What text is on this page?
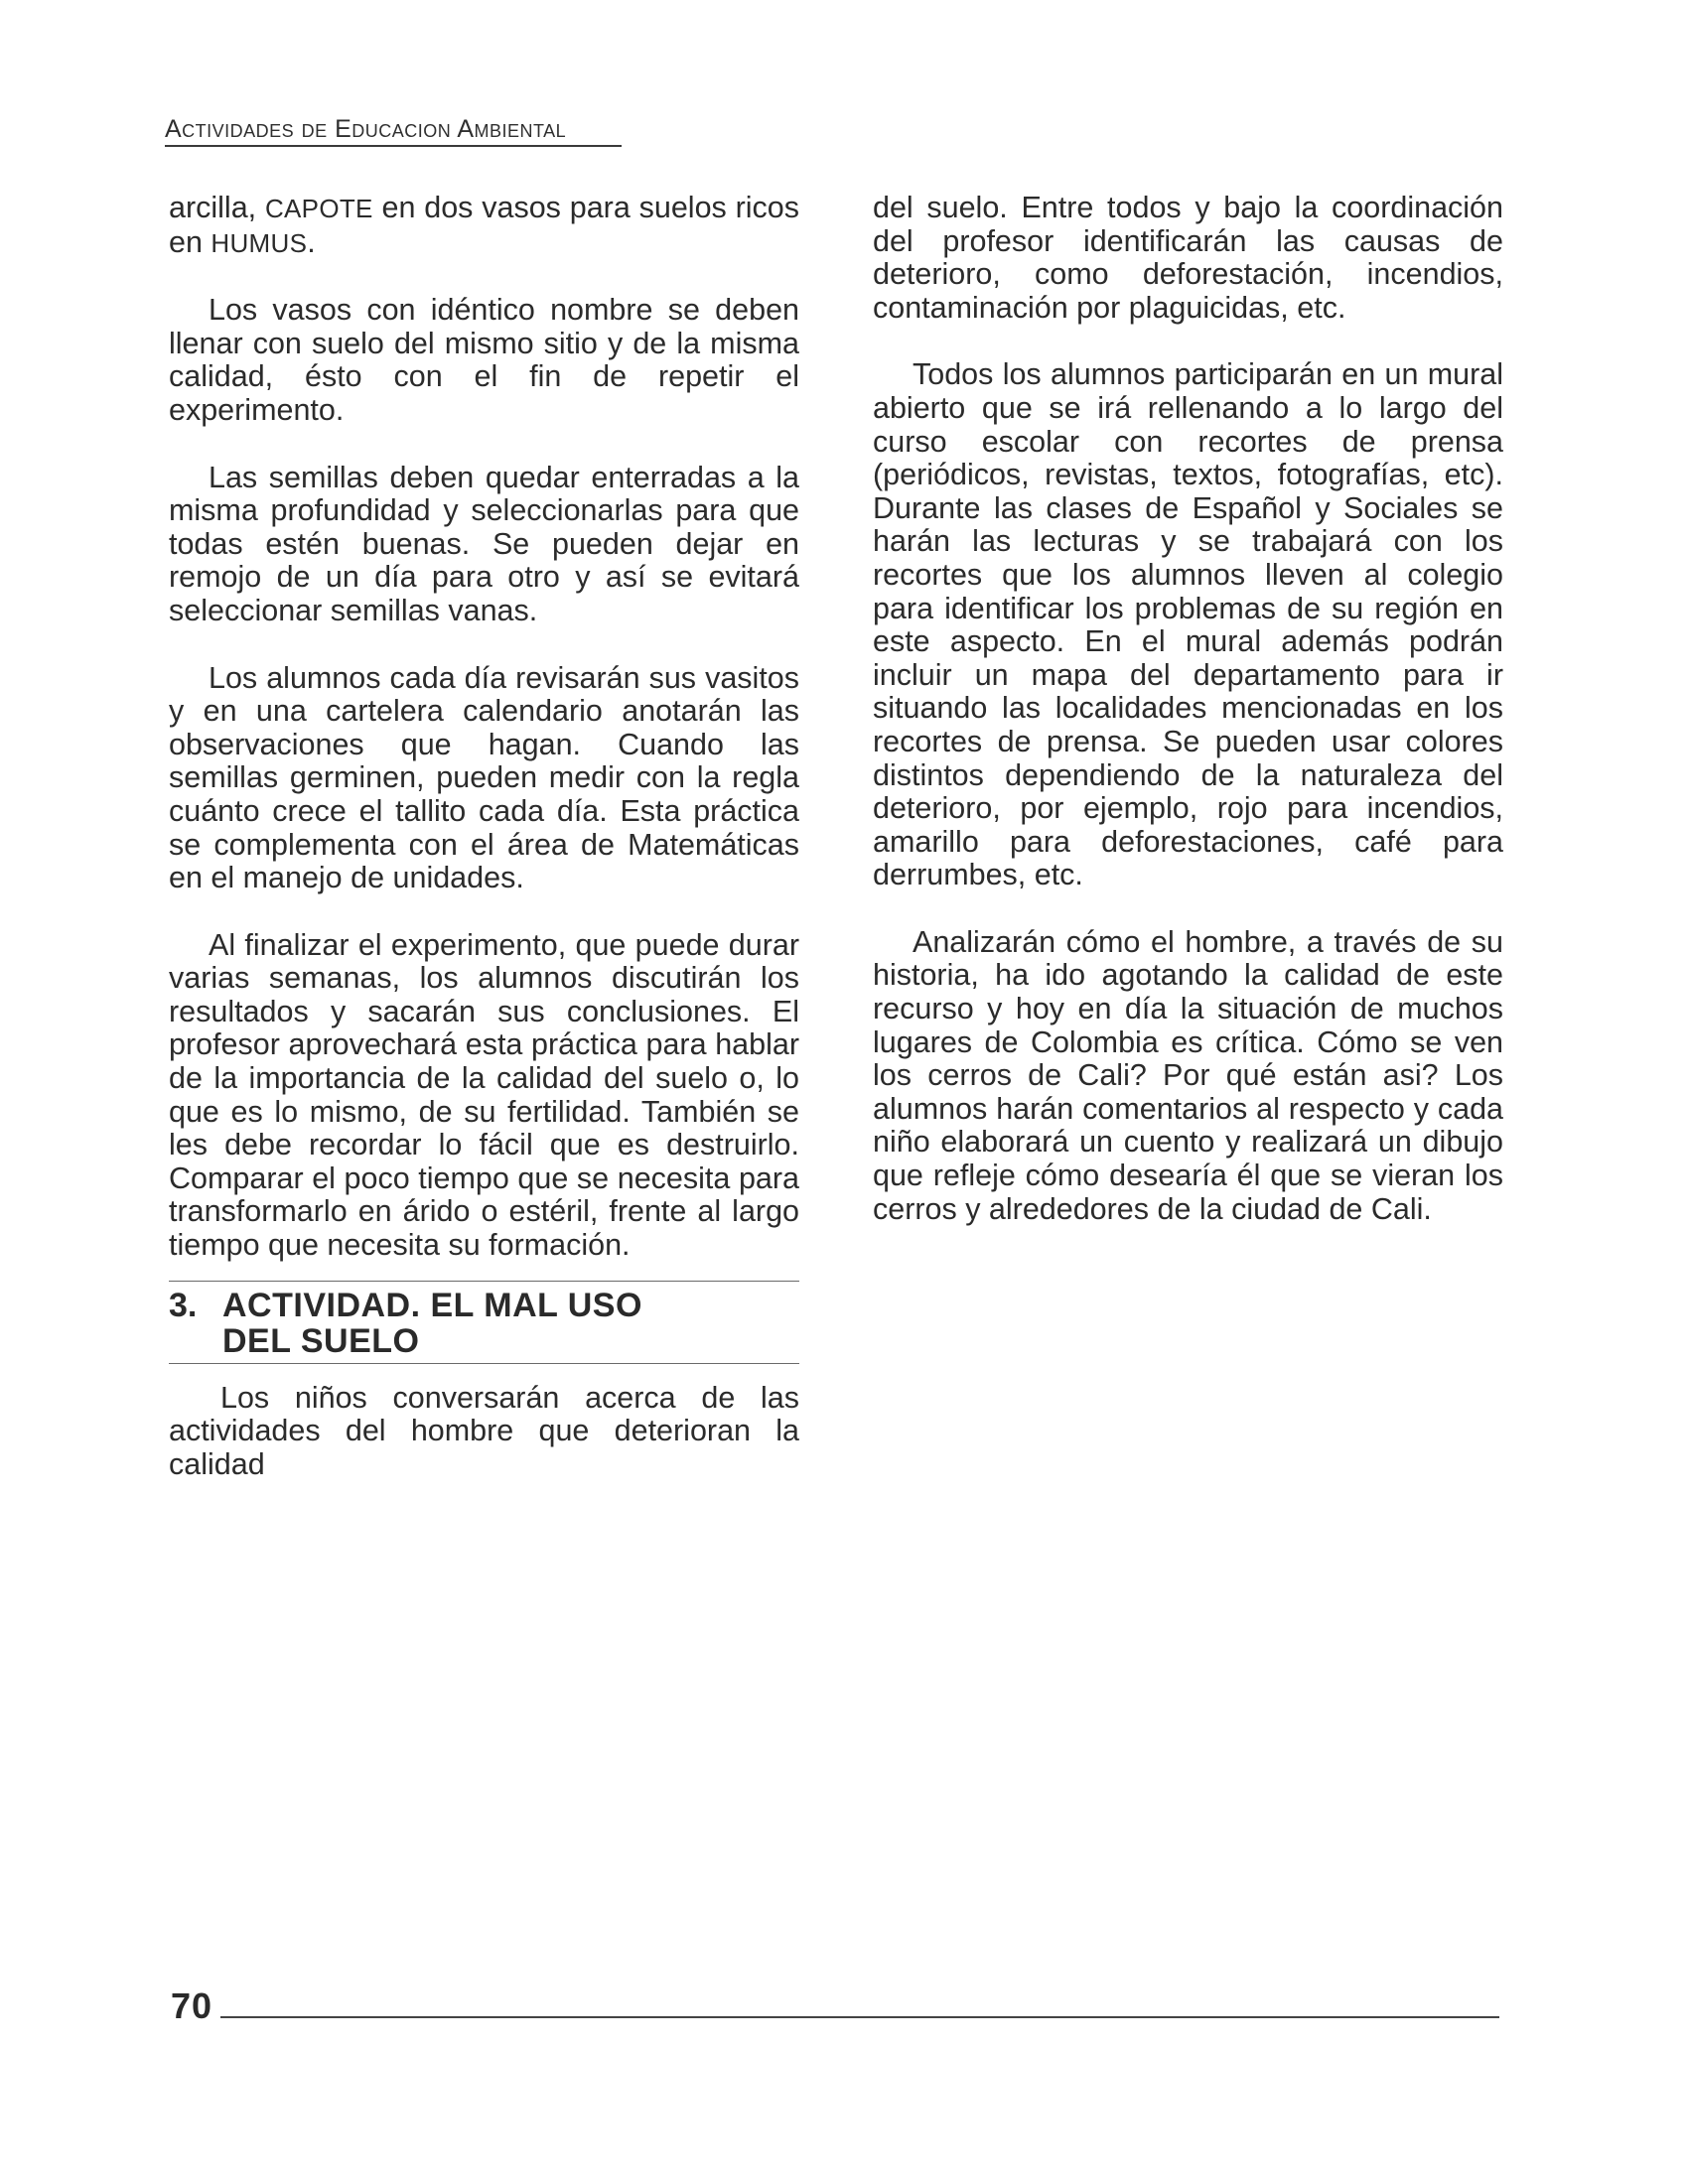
Actividades de Educacion Ambiental

arcilla, CAPOTE en dos vasos para suelos ricos en HUMUS.

Los vasos con idéntico nombre se deben llenar con suelo del mismo sitio y de la misma calidad, ésto con el fin de repetir el experimento.

Las semillas deben quedar enterradas a la misma profundidad y seleccionarlas para que todas estén buenas. Se pueden dejar en remojo de un día para otro y así se evitará seleccionar semillas vanas.

Los alumnos cada día revisarán sus vasitos y en una cartelera calendario anotarán las observaciones que hagan. Cuando las semillas germinen, pueden medir con la regla cuánto crece el tallito cada día. Esta práctica se complementa con el área de Matemáticas en el manejo de unidades.

Al finalizar el experimento, que puede durar varias semanas, los alumnos discutirán los resultados y sacarán sus conclusiones. El profesor aprovechará esta práctica para hablar de la importancia de la calidad del suelo o, lo que es lo mismo, de su fertilidad. También se les debe recordar lo fácil que es destruirlo. Comparar el poco tiempo que se necesita para transformarlo en árido o estéril, frente al largo tiempo que necesita su formación.

3. ACTIVIDAD. EL MAL USO
DEL SUELO

Los niños conversarán acerca de las actividades del hombre que deterioran la calidad

del suelo. Entre todos y bajo la coordinación del profesor identificarán las causas de deterioro, como deforestación, incendios, contaminación por plaguicidas, etc.

Todos los alumnos participarán en un mural abierto que se irá rellenando a lo largo del curso escolar con recortes de prensa (periódicos, revistas, textos, fotografías, etc). Durante las clases de Español y Sociales se harán las lecturas y se trabajará con los recortes que los alumnos lleven al colegio para identificar los problemas de su región en este aspecto. En el mural además podrán incluir un mapa del departamento para ir situando las localidades mencionadas en los recortes de prensa. Se pueden usar colores distintos dependiendo de la naturaleza del deterioro, por ejemplo, rojo para incendios, amarillo para deforestaciones, café para derrumbes, etc.

Analizarán cómo el hombre, a través de su historia, ha ido agotando la calidad de este recurso y hoy en día la situación de muchos lugares de Colombia es crítica. Cómo se ven los cerros de Cali? Por qué están asi? Los alumnos harán comentarios al respecto y cada niño elaborará un cuento y realizará un dibujo que refleje cómo desearía él que se vieran los cerros y alrededores de la ciudad de Cali.

70
